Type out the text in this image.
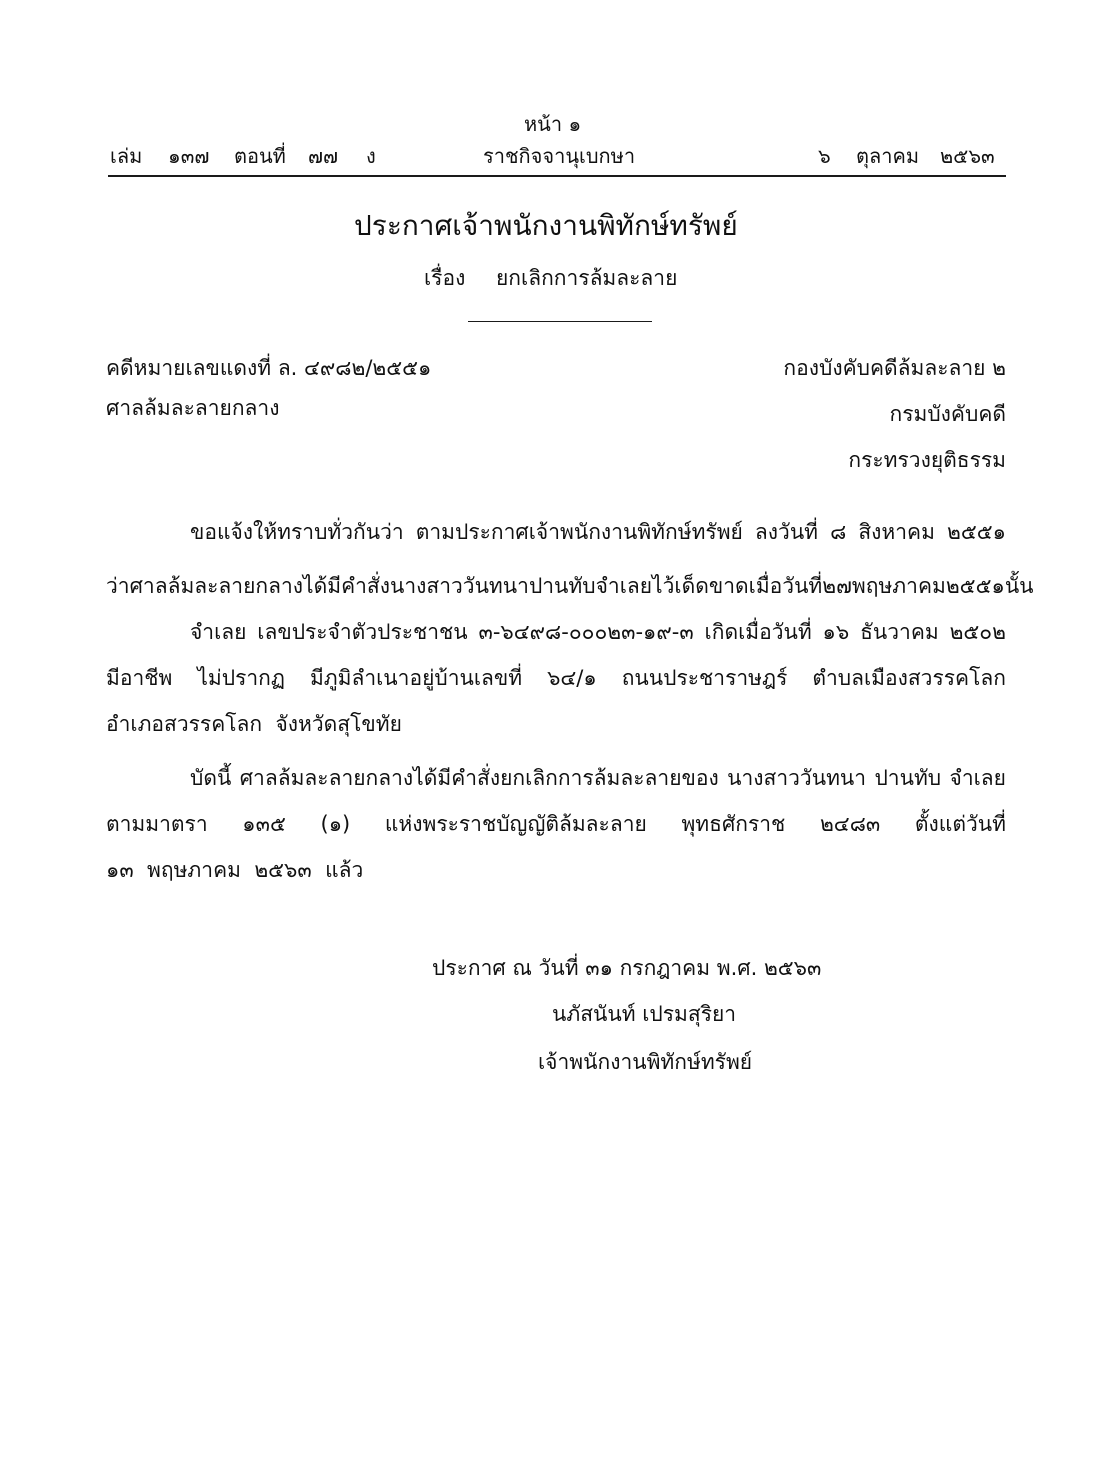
หน้า ๑
เล่ม ๑๓๗ ตอนที่ ๗๗ ง	ราชกิจจานุเบกษา	๖ ตุลาคม ๒๕๖๓
ประกาศเจ้าพนักงานพิทักษ์ทรัพย์
เรื่อง ยกเลิกการล้มละลาย
คดีหมายเลขแดงที่ ล. ๔๙๘๒/๒๕๕๑
ศาลล้มละลายกลาง
กองบังคับคดีล้มละลาย ๒
กรมบังคับคดี
กระทรวงยุติธรรม
ขอแจ้งให้ทราบทั่วกันว่า ตามประกาศเจ้าพนักงานพิทักษ์ทรัพย์ ลงวันที่ ๘ สิงหาคม ๒๕๕๑
ว่าศาลล้มละลายกลางได้มีคำสั่ง นางสาววันทนา ปานทับ จำเลย ไว้เด็ดขาด เมื่อวันที่ ๒๗ พฤษภาคม ๒๕๕๑ นั้น
จำเลย เลขประจำตัวประชาชน ๓-๖๔๙๘-๐๐๐๒๓-๑๙-๓ เกิดเมื่อวันที่ ๑๖ ธันวาคม ๒๕๐๒
มีอาชีพ ไม่ปรากฏ มีภูมิลำเนาอยู่บ้านเลขที่ ๖๔/๑ ถนนประชาราษฎร์ ตำบลเมืองสวรรคโลก
อำเภอสวรรคโลก  จังหวัดสุโขทัย
บัดนี้ ศาลล้มละลายกลางได้มีคำสั่งยกเลิกการล้มละลายของ นางสาววันทนา ปานทับ จำเลย
ตามมาตรา ๑๓๕ (๑) แห่งพระราชบัญญัติล้มละลาย พุทธศักราช ๒๔๘๓ ตั้งแต่วันที่
๑๓  พฤษภาคม  ๒๕๖๓  แล้ว
ประกาศ ณ วันที่ ๓๑ กรกฎาคม พ.ศ. ๒๕๖๓
นภัสนันท์ เปรมสุริยา
เจ้าพนักงานพิทักษ์ทรัพย์
